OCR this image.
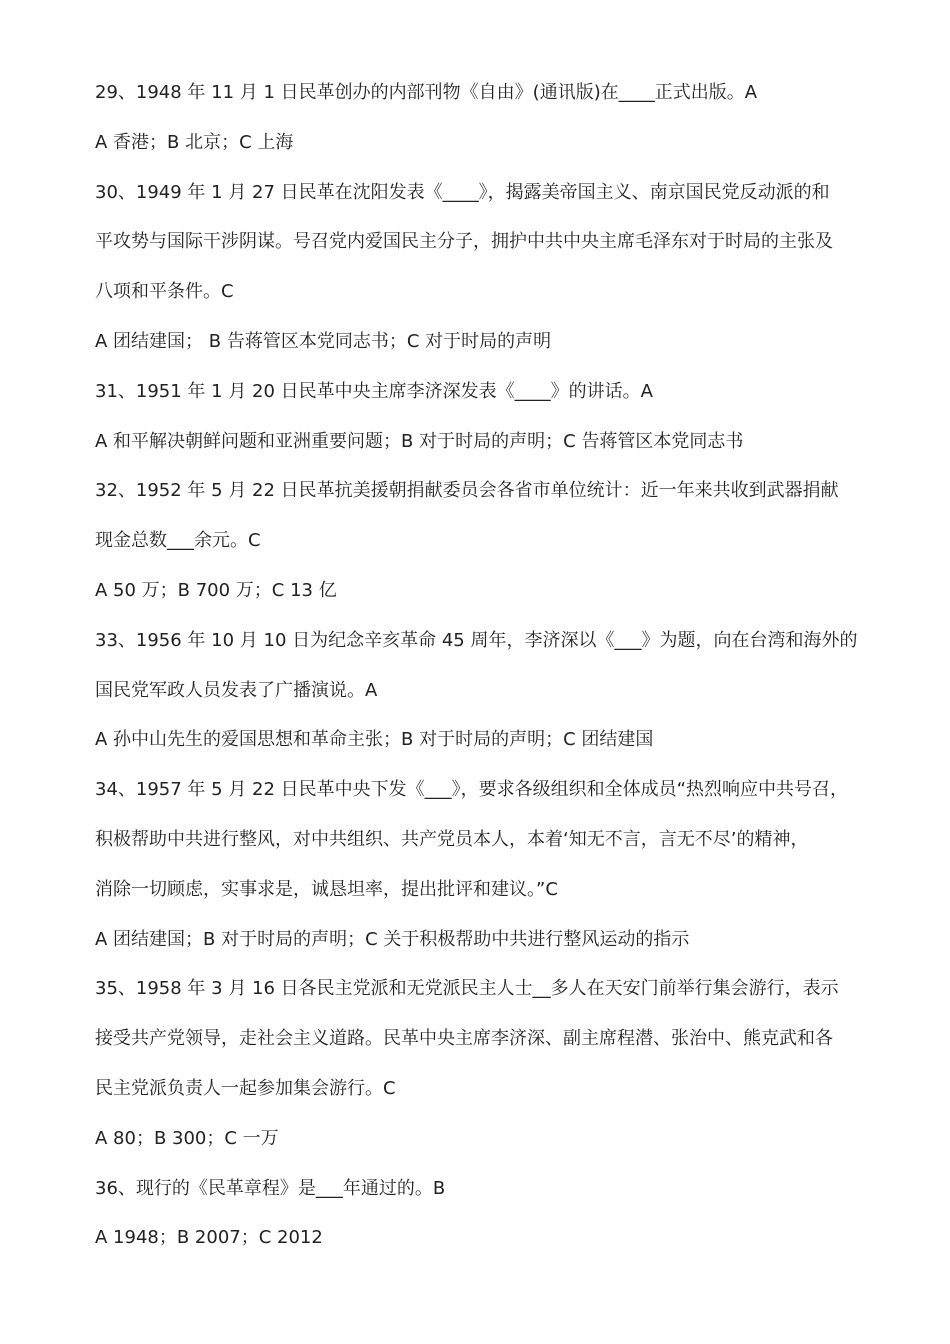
29、1948 年 11 月 1 日民革创办的内部刊物《自由》(通讯版)在____正式出版。A
A 香港；B 北京；C 上海
30、1949 年 1 月 27 日民革在沈阳发表《____》，揭露美帝国主义、南京国民党反动派的和
平攻势与国际干涉阴谋。号召党内爱国民主分子，拥护中共中央主席毛泽东对于时局的主张及
八项和平条件。C
A 团结建国； B 告蒋管区本党同志书；C 对于时局的声明
31、1951 年 1 月 20 日民革中央主席李济深发表《____》的讲话。A
A 和平解决朝鲜问题和亚洲重要问题；B 对于时局的声明；C 告蒋管区本党同志书
32、1952 年 5 月 22 日民革抗美援朝捐献委员会各省市单位统计：近一年来共收到武器捐献
现金总数___余元。C
A 50 万；B 700 万；C 13 亿
33、1956 年 10 月 10 日为纪念辛亥革命 45 周年，李济深以《___》为题，向在台湾和海外的
国民党军政人员发表了广播演说。A
A 孙中山先生的爱国思想和革命主张；B 对于时局的声明；C 团结建国
34、1957 年 5 月 22 日民革中央下发《___》，要求各级组织和全体成员“热烈响应中共号召，
积极帮助中共进行整风，对中共组织、共产党员本人，本着‘知无不言，言无不尽’的精神，
消除一切顾虑，实事求是，诚恳坦率，提出批评和建议。”C
A 团结建国；B 对于时局的声明；C 关于积极帮助中共进行整风运动的指示
35、1958 年 3 月 16 日各民主党派和无党派民主人士__多人在天安门前举行集会游行，表示
接受共产党领导，走社会主义道路。民革中央主席李济深、副主席程潜、张治中、熊克武和各
民主党派负责人一起参加集会游行。C
A 80；B 300；C 一万
36、现行的《民革章程》是___年通过的。B
A 1948；B 2007；C 2012
